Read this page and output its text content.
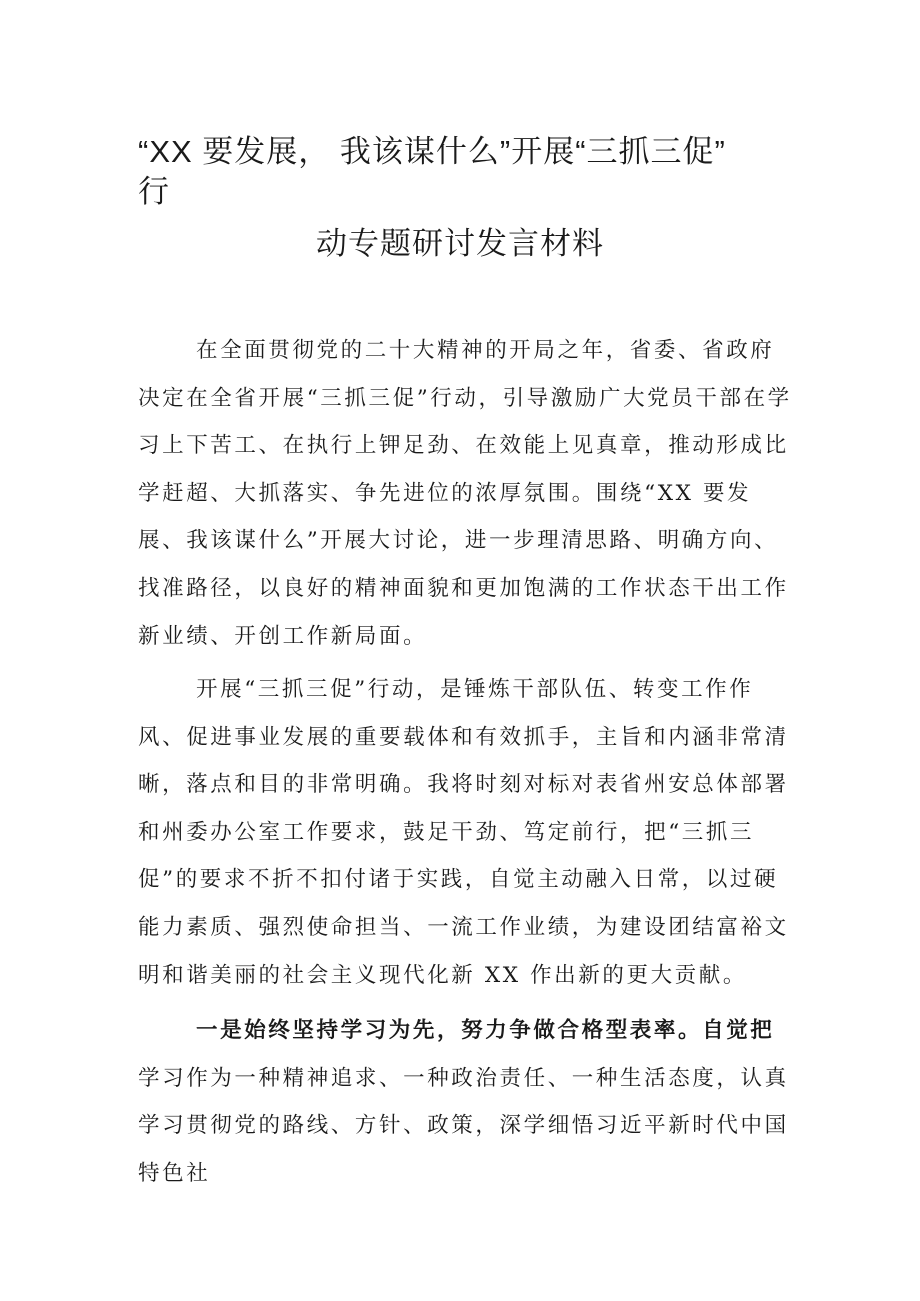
“XX 要发展， 我该谋什么”开展“三抓三促”
行
动专题研讨发言材料

在全面贯彻党的二十大精神的开局之年，省委、省政府决定在全省开展“三抓三促”行动，引导激励广大党员干部在学习上下苦工、在执行上钾足劲、在效能上见真章，推动形成比学赶超、大抓落实、争先进位的浓厚氛围。围绕“XX 要发展、我该谋什么”开展大讨论，进一步理清思路、明确方向、找准路径，以良好的精神面貌和更加饱满的工作状态干出工作新业绩、开创工作新局面。

开展“三抓三促”行动，是锤炼干部队伍、转变工作作风、促进事业发展的重要载体和有效抓手，主旨和内涵非常清晰，落点和目的非常明确。我将时刻对标对表省州安总体部署和州委办公室工作要求，鼓足干劲、笃定前行，把“三抓三促”的要求不折不扣付诸于实践，自觉主动融入日常，以过硬能力素质、强烈使命担当、一流工作业绩，为建设团结富裕文明和谐美丽的社会主义现代化新 XX 作出新的更大贡献。

一是始终坚持学习为先，努力争做合格型表率。自觉把学习作为一种精神追求、一种政治责任、一种生活态度，认真学习贯彻党的路线、方针、政策，深学细悟习近平新时代中国特色社
